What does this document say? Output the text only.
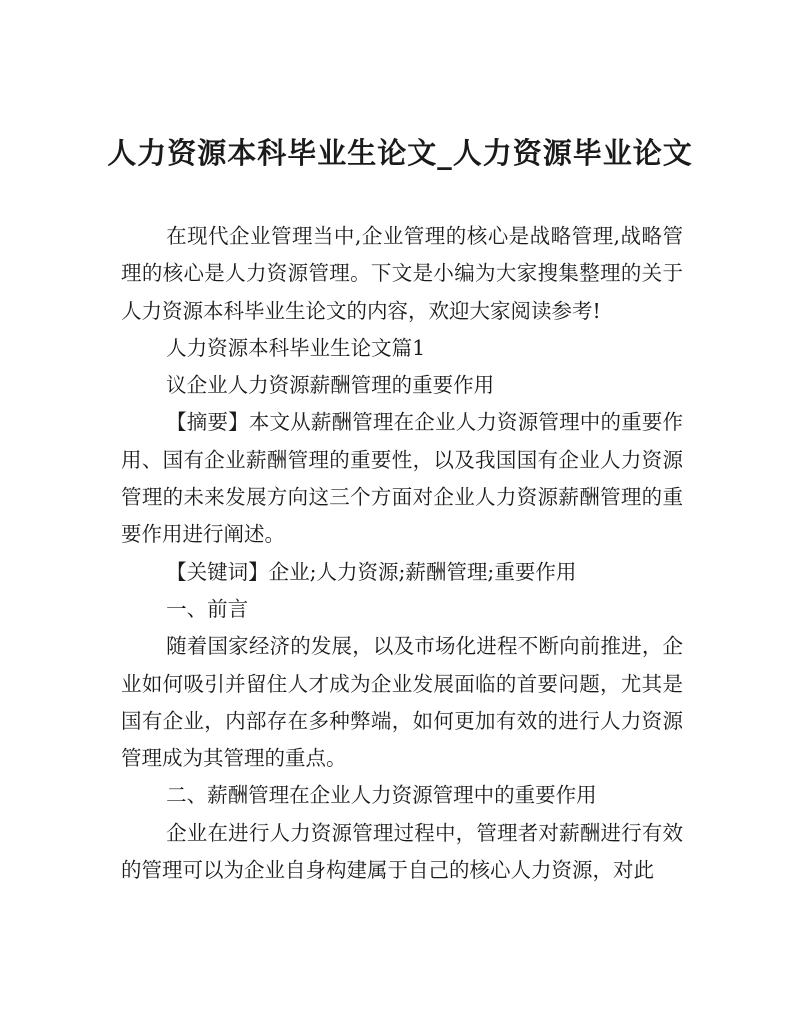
人力资源本科毕业生论文_人力资源毕业论文

在现代企业管理当中,企业管理的核心是战略管理,战略管理的核心是人力资源管理。下文是小编为大家搜集整理的关于人力资源本科毕业生论文的内容，欢迎大家阅读参考!

人力资源本科毕业生论文篇1

议企业人力资源薪酬管理的重要作用

【摘要】本文从薪酬管理在企业人力资源管理中的重要作用、国有企业薪酬管理的重要性，以及我国国有企业人力资源管理的未来发展方向这三个方面对企业人力资源薪酬管理的重要作用进行阐述。

【关键词】企业;人力资源;薪酬管理;重要作用

一、前言

随着国家经济的发展，以及市场化进程不断向前推进，企业如何吸引并留住人才成为企业发展面临的首要问题，尤其是国有企业，内部存在多种弊端，如何更加有效的进行人力资源管理成为其管理的重点。

二、薪酬管理在企业人力资源管理中的重要作用

企业在进行人力资源管理过程中，管理者对薪酬进行有效的管理可以为企业自身构建属于自己的核心人力资源，对此
